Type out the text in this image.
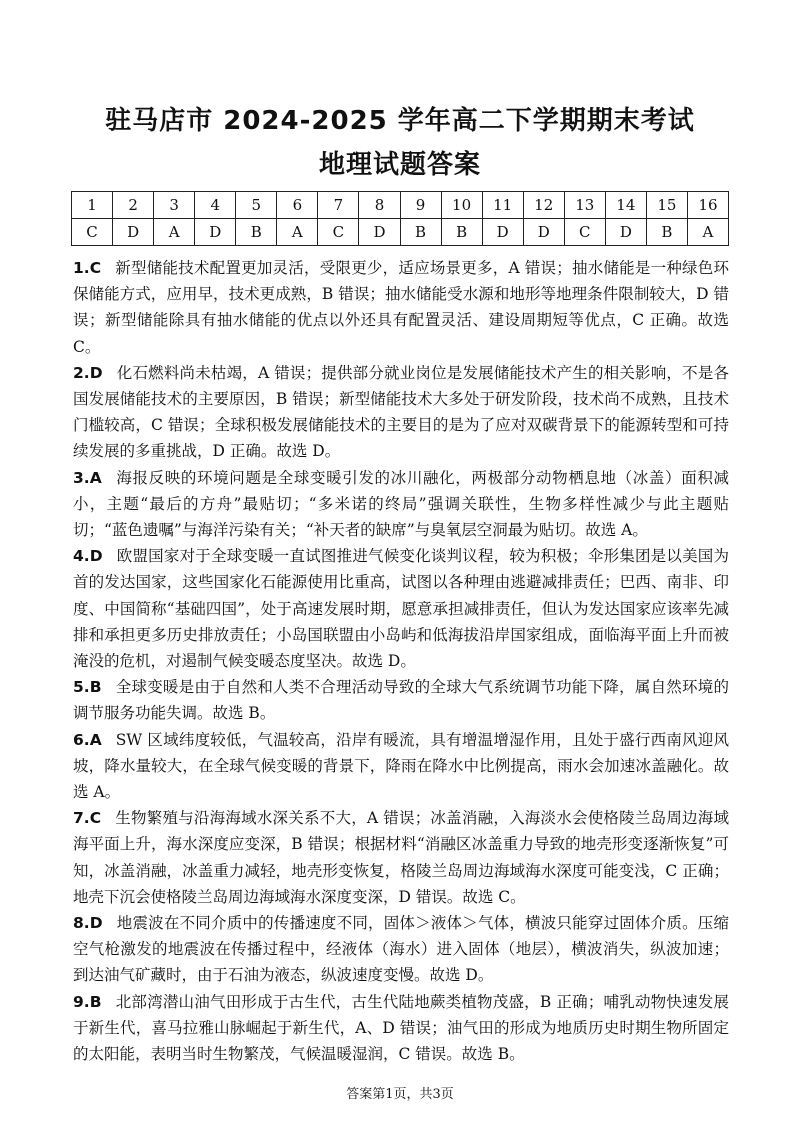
驻马店市 2024-2025 学年高二下学期期末考试
地理试题答案
1	2	3	4	5	6	7	8	9	10	11	12	13	14	15	16
C	D	A	D	B	A	C	D	B	B	D	D	C	D	B	A
1.C 新型储能技术配置更加灵活，受限更少，适应场景更多，A 错误；抽水储能是一种绿色环保储能方式，应用早，技术更成熟，B 错误；抽水储能受水源和地形等地理条件限制较大，D 错误；新型储能除具有抽水储能的优点以外还具有配置灵活、建设周期短等优点，C 正确。故选 C。
2.D 化石燃料尚未枯竭，A 错误；提供部分就业岗位是发展储能技术产生的相关影响，不是各国发展储能技术的主要原因，B 错误；新型储能技术大多处于研发阶段，技术尚不成熟，且技术门槛较高，C 错误；全球积极发展储能技术的主要目的是为了应对双碳背景下的能源转型和可持续发展的多重挑战，D 正确。故选 D。
3.A 海报反映的环境问题是全球变暖引发的冰川融化，两极部分动物栖息地（冰盖）面积减小，主题“最后的方舟”最贴切；“多米诺的终局”强调关联性，生物多样性减少与此主题贴切；“蓝色遗嘱”与海洋污染有关；“补天者的缺席”与臭氧层空洞最为贴切。故选 A。
4.D 欧盟国家对于全球变暖一直试图推进气候变化谈判议程，较为积极；伞形集团是以美国为首的发达国家，这些国家化石能源使用比重高，试图以各种理由逃避减排责任；巴西、南非、印度、中国简称“基础四国”，处于高速发展时期，愿意承担减排责任，但认为发达国家应该率先减排和承担更多历史排放责任；小岛国联盟由小岛屿和低海拔沿岸国家组成，面临海平面上升而被淹没的危机，对遏制气候变暖态度坚决。故选 D。
5.B 全球变暖是由于自然和人类不合理活动导致的全球大气系统调节功能下降，属自然环境的调节服务功能失调。故选 B。
6.A SW 区域纬度较低，气温较高，沿岸有暖流，具有增温增湿作用，且处于盛行西南风迎风坡，降水量较大，在全球气候变暖的背景下，降雨在降水中比例提高，雨水会加速冰盖融化。故选 A。
7.C 生物繁殖与沿海海域水深关系不大，A 错误；冰盖消融，入海淡水会使格陵兰岛周边海域海平面上升，海水深度应变深，B 错误；根据材料“消融区冰盖重力导致的地壳形变逐渐恢复”可知，冰盖消融，冰盖重力减轻，地壳形变恢复，格陵兰岛周边海域海水深度可能变浅，C 正确；地壳下沉会使格陵兰岛周边海域海水深度变深，D 错误。故选 C。
8.D 地震波在不同介质中的传播速度不同，固体＞液体＞气体，横波只能穿过固体介质。压缩空气枪激发的地震波在传播过程中，经液体（海水）进入固体（地层），横波消失，纵波加速；到达油气矿藏时，由于石油为液态，纵波速度变慢。故选 D。
9.B 北部湾潜山油气田形成于古生代，古生代陆地蕨类植物茂盛，B 正确；哺乳动物快速发展于新生代，喜马拉雅山脉崛起于新生代，A、D 错误；油气田的形成为地质历史时期生物所固定的太阳能，表明当时生物繁茂，气候温暖湿润，C 错误。故选 B。
答案第1页，共3页
